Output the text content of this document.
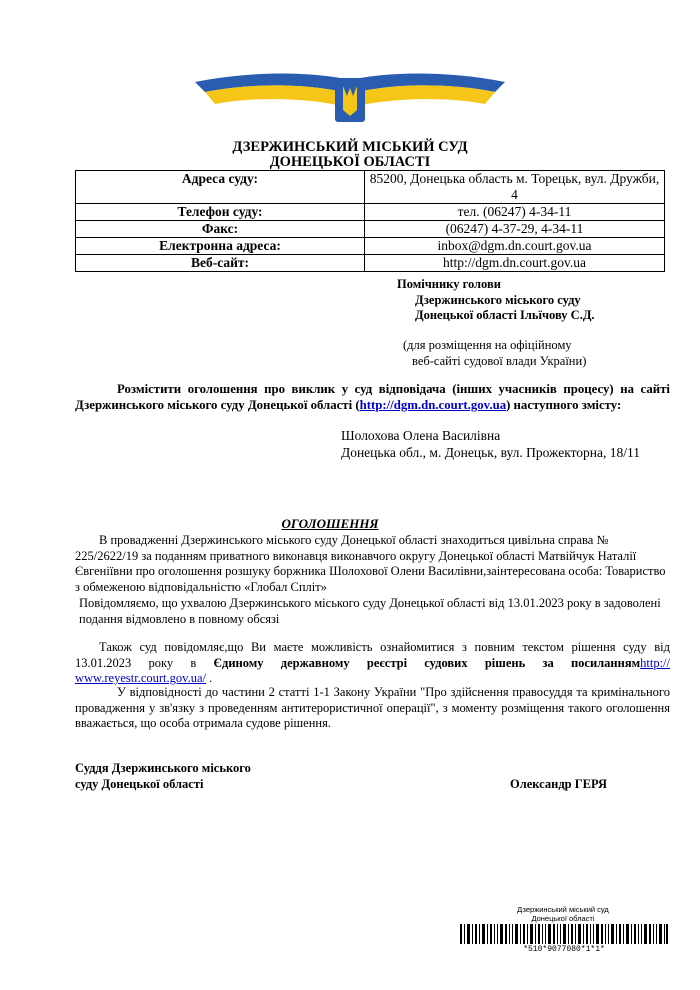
ДЗЕРЖИНСЬКИЙ МІСЬКИЙ СУД
ДОНЕЦЬКОЇ ОБЛАСТІ
Адреса суду:	85200, Донецька область м. Торецьк, вул. Дружби, 4
Телефон суду:	тел. (06247) 4-34-11
Факс:	(06247) 4-37-29, 4-34-11
Електронна адреса:	inbox@dgm.dn.court.gov.ua
Веб-сайт:	http://dgm.dn.court.gov.ua
Помічнику голови
Дзержинського міського суду
Донецької області Ільїчову С.Д.
(для розміщення на офіційному
веб-сайті судової влади України)
Розмістити оголошення про виклик у суд відповідача (інших учасників процесу) на сайті Дзержинського міського суду Донецької області (http://dgm.dn.court.gov.ua) наступного змісту:
Шолохова Олена Василівна
Донецька обл., м. Донецьк, вул. Прожекторна, 18/11
ОГОЛОШЕННЯ
В провадженні Дзержинського міського суду Донецької області знаходиться цивільна справа № 225/2622/19 за поданням приватного виконавця виконавчого округу Донецької області Матвійчук Наталії Євгеніївни про оголошення розшуку боржника Шолохової Олени Василівни,заінтересована особа: Товариство з обмеженою відповідальністю «Глобал Спліт»
Повідомляємо, що ухвалою Дзержинського міського суду Донецької області від 13.01.2023 року в задоволені подання відмовлено в повному обсязі
Також суд повідомляє,що Ви маєте можливість ознайомитися з повним текстом рішення суду від 13.01.2023 року в Єдиному державному реєстрі судових рішень за посиланнямhttp:// www.reyestr.court.gov.ua/ .
У відповідності до частини 2 статті 1-1 Закону України "Про здійснення правосуддя та кримінального провадження у зв'язку з проведенням антитерористичної операції", з моменту розміщення такого оголошення вважається, що особа отримала судове рішення.
Суддя Дзержинського міського
суду Донецької області	Олександр ГЕРЯ
Дзержинський міський суд
Донецької області
*510*9077080*1*1*
